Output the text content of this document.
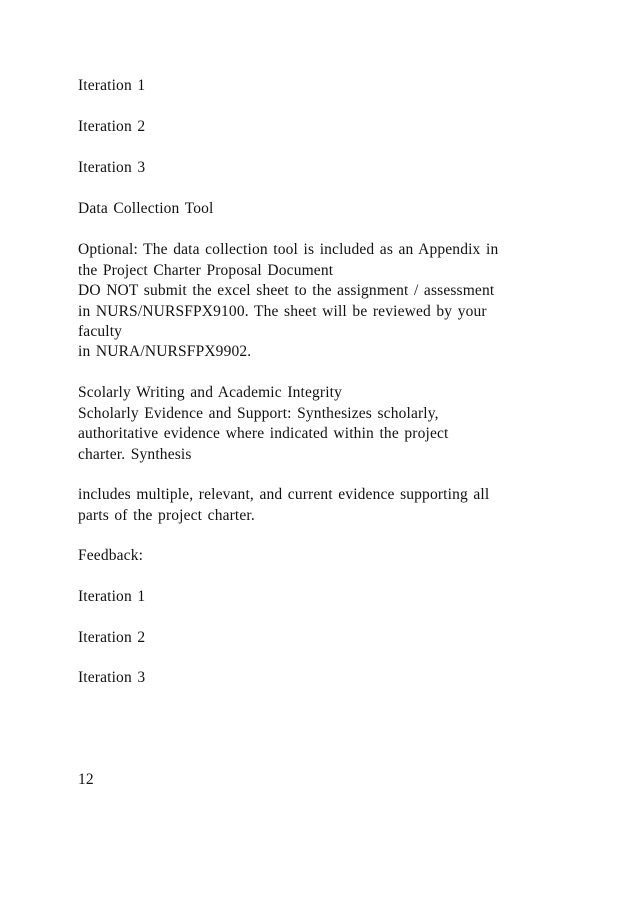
Iteration 1
Iteration 2
Iteration 3
Data Collection Tool
Optional: The data collection tool is included as an Appendix in
the Project Charter Proposal Document
DO NOT submit the excel sheet to the assignment / assessment
in NURS/NURSFPX9100. The sheet will be reviewed by your
faculty
in NURA/NURSFPX9902.
Scolarly Writing and Academic Integrity
Scholarly Evidence and Support: Synthesizes scholarly,
authoritative evidence where indicated within the project
charter. Synthesis
includes multiple, relevant, and current evidence supporting all
parts of the project charter.
Feedback:
Iteration 1
Iteration 2
Iteration 3
12
